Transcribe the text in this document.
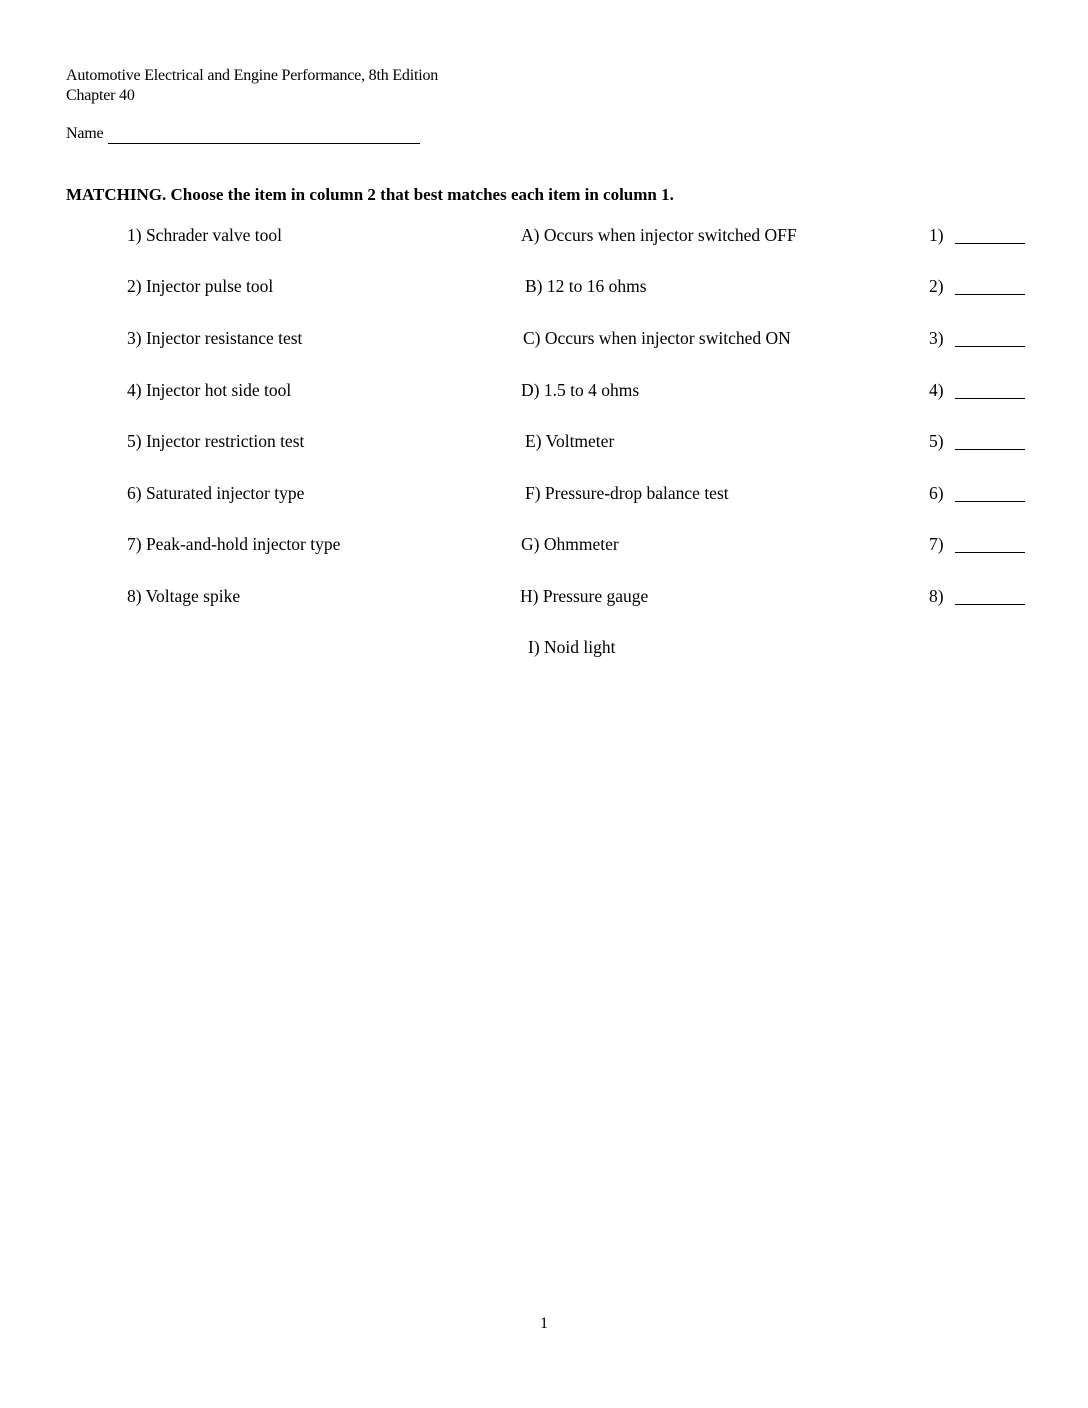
Automotive Electrical and Engine Performance, 8th Edition
Chapter 40
Name
MATCHING. Choose the item in column 2 that best matches each item in column 1.
1) Schrader valve tool	A) Occurs when injector switched OFF	1)
2) Injector pulse tool	B) 12 to 16 ohms	2)
3) Injector resistance test	C) Occurs when injector switched ON	3)
4) Injector hot side tool	D) 1.5 to 4 ohms	4)
5) Injector restriction test	E) Voltmeter	5)
6) Saturated injector type	F) Pressure-drop balance test	6)
7) Peak-and-hold injector type	G) Ohmmeter	7)
8) Voltage spike	H) Pressure gauge	8)
I) Noid light
1
